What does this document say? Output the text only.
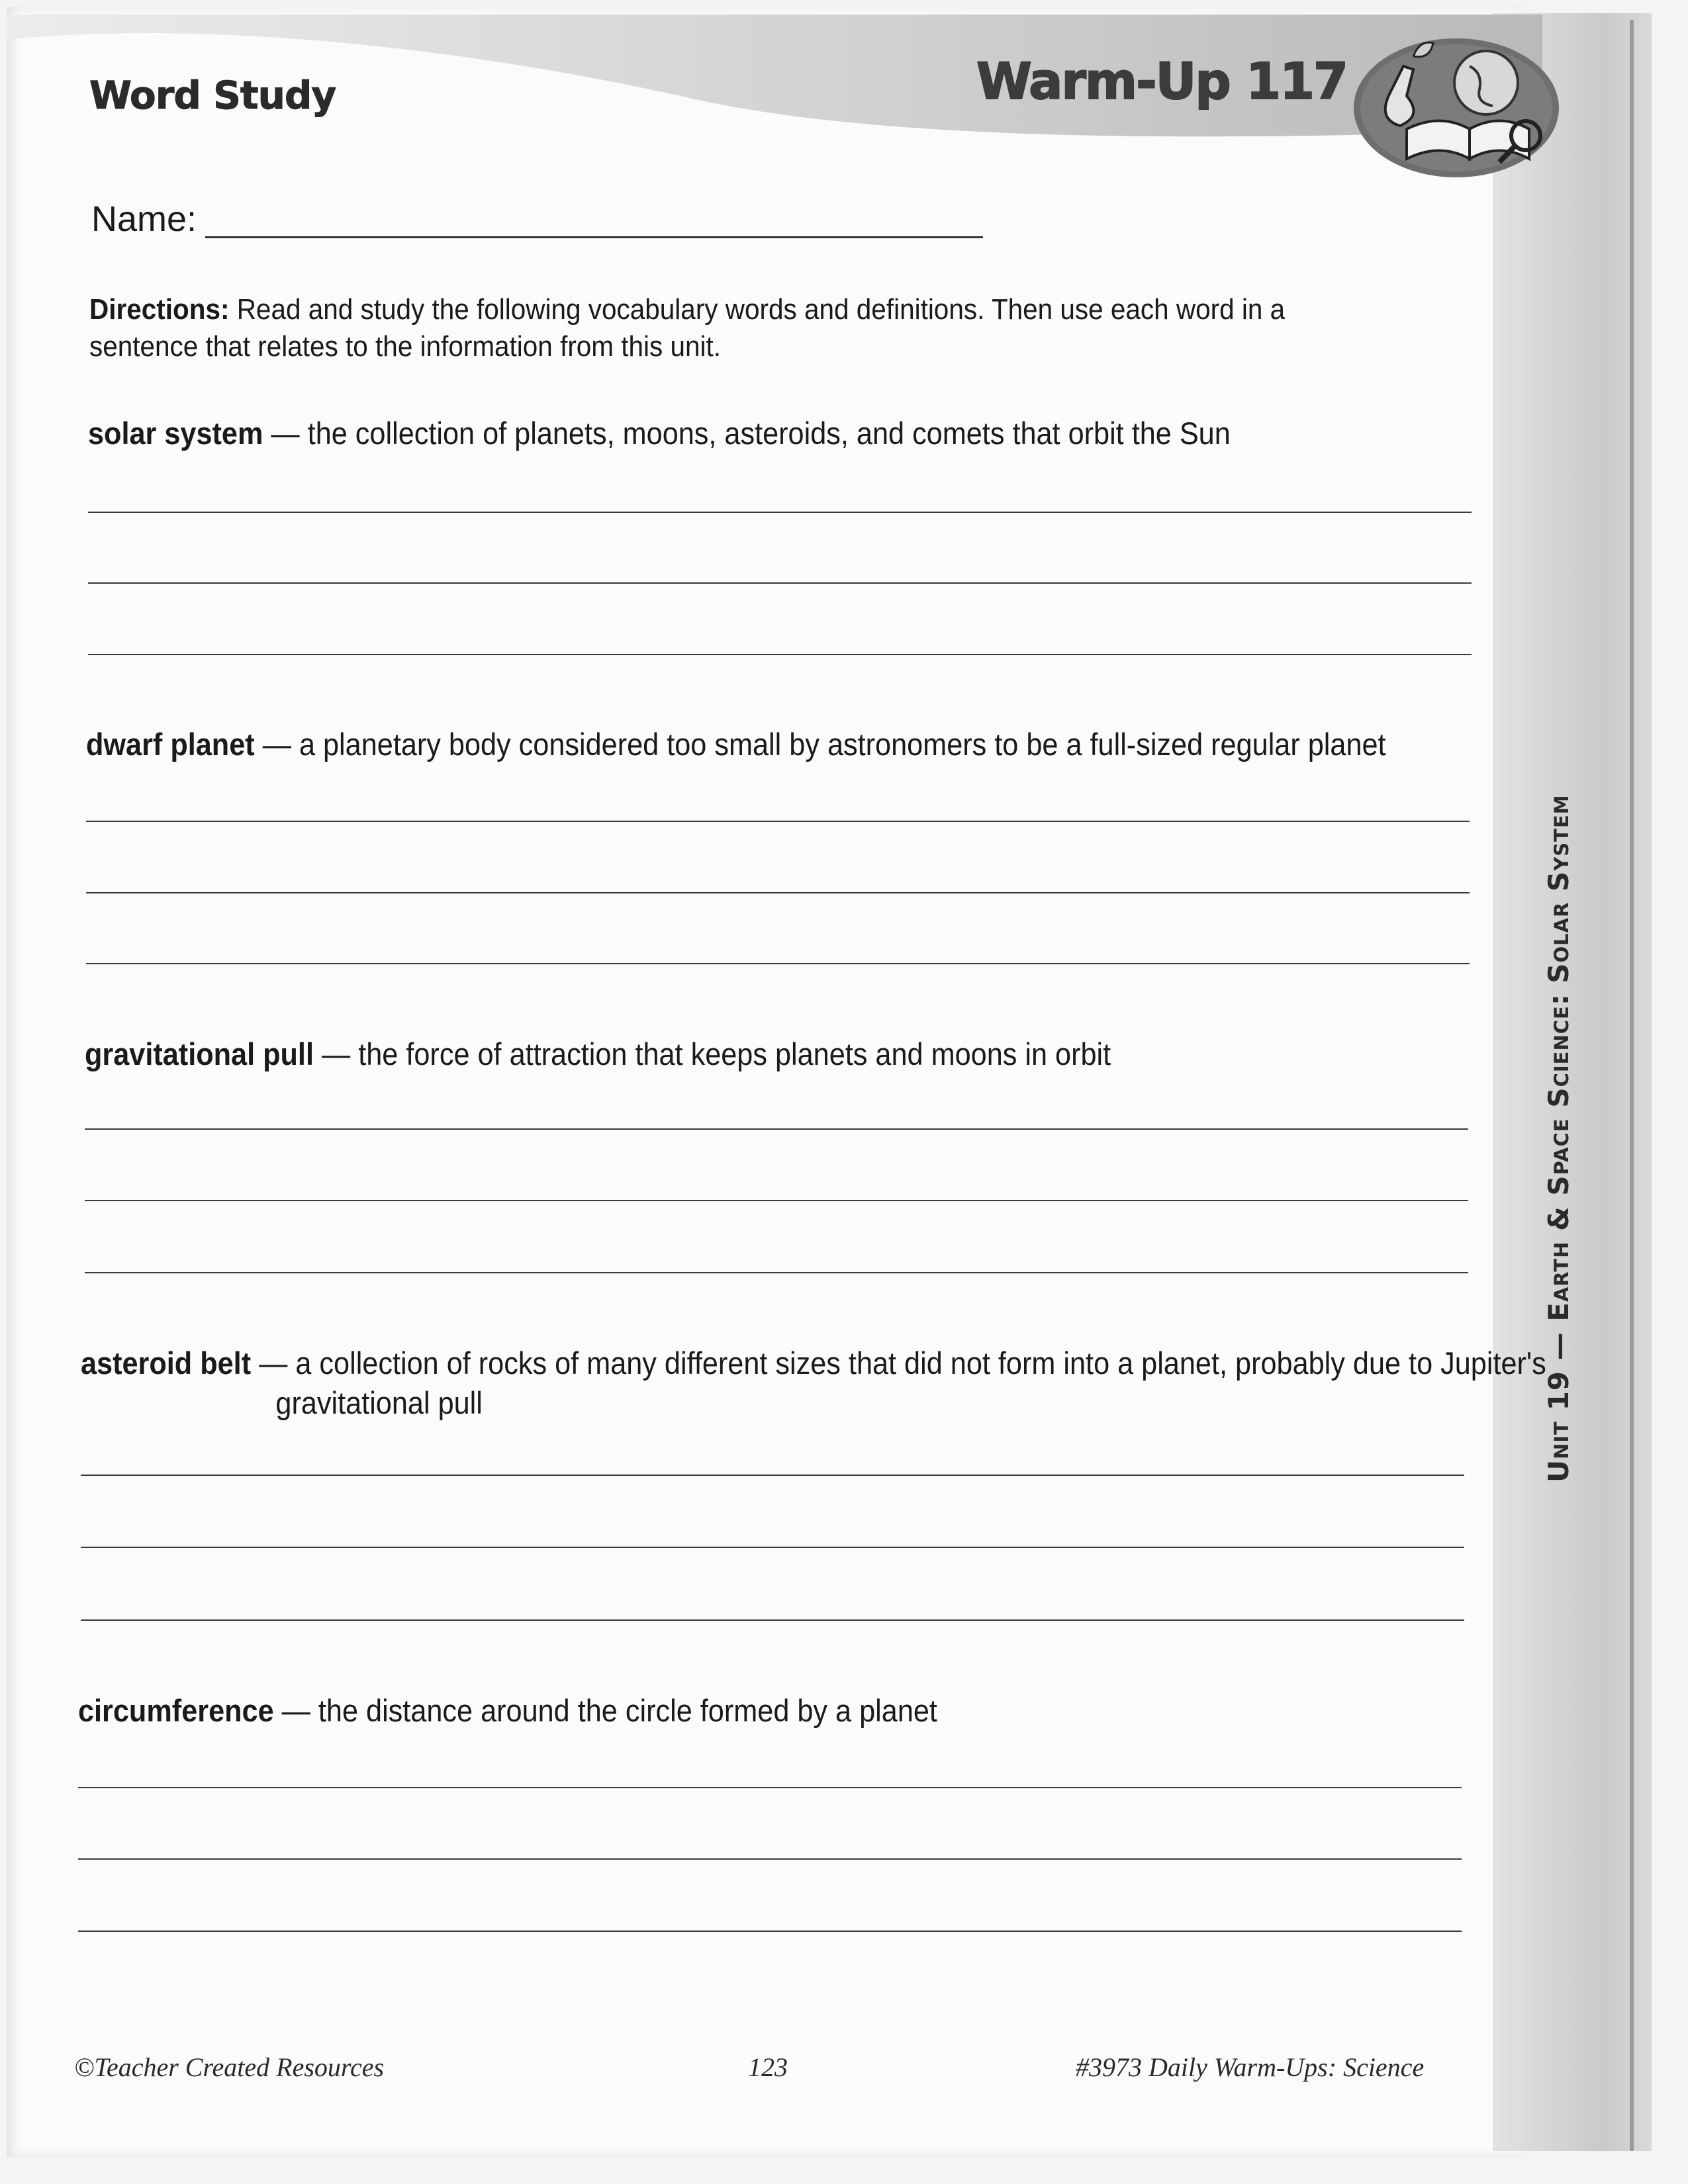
Word Study	Warm-Up 117
Name:
Directions: Read and study the following vocabulary words and definitions. Then use each word in a sentence that relates to the information from this unit.
solar system — the collection of planets, moons, asteroids, and comets that orbit the Sun
dwarf planet — a planetary body considered too small by astronomers to be a full-sized regular planet
gravitational pull — the force of attraction that keeps planets and moons in orbit
asteroid belt — a collection of rocks of many different sizes that did not form into a planet, probably due to Jupiter's
gravitational pull
circumference — the distance around the circle formed by a planet
Unit 19 — Earth & Space Science: Solar System
©Teacher Created Resources	123	#3973 Daily Warm-Ups: Science
